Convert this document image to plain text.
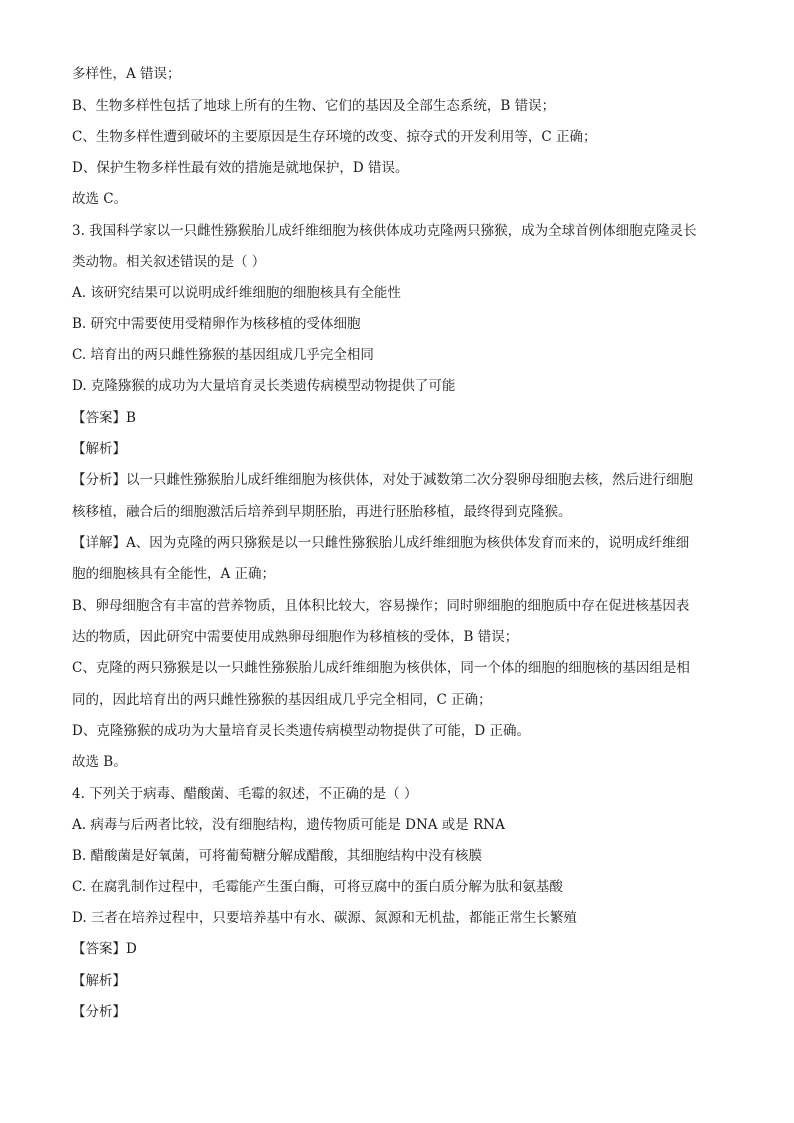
多样性，A 错误；
B、生物多样性包括了地球上所有的生物、它们的基因及全部生态系统，B 错误；
C、生物多样性遭到破坏的主要原因是生存环境的改变、掠夺式的开发利用等，C 正确；
D、保护生物多样性最有效的措施是就地保护，D 错误。
故选 C。
3. 我国科学家以一只雌性猕猴胎儿成纤维细胞为核供体成功克隆两只猕猴，成为全球首例体细胞克隆灵长
类动物。相关叙述错误的是（ ）
A. 该研究结果可以说明成纤维细胞的细胞核具有全能性
B. 研究中需要使用受精卵作为核移植的受体细胞
C. 培育出的两只雌性猕猴的基因组成几乎完全相同
D. 克隆猕猴的成功为大量培育灵长类遗传病模型动物提供了可能
【答案】B
【解析】
【分析】以一只雌性猕猴胎儿成纤维细胞为核供体，对处于减数第二次分裂卵母细胞去核，然后进行细胞
核移植，融合后的细胞激活后培养到早期胚胎，再进行胚胎移植，最终得到克隆猴。
【详解】A、因为克隆的两只猕猴是以一只雌性猕猴胎儿成纤维细胞为核供体发育而来的，说明成纤维细
胞的细胞核具有全能性，A 正确；
B、卵母细胞含有丰富的营养物质，且体积比较大，容易操作；同时卵细胞的细胞质中存在促进核基因表
达的物质，因此研究中需要使用成熟卵母细胞作为移植核的受体，B 错误；
C、克隆的两只猕猴是以一只雌性猕猴胎儿成纤维细胞为核供体，同一个体的细胞的细胞核的基因组是相
同的，因此培育出的两只雌性猕猴的基因组成几乎完全相同，C 正确；
D、克隆猕猴的成功为大量培育灵长类遗传病模型动物提供了可能，D 正确。
故选 B。
4. 下列关于病毒、醋酸菌、毛霉的叙述，不正确的是（ ）
A. 病毒与后两者比较，没有细胞结构，遗传物质可能是 DNA 或是 RNA
B. 醋酸菌是好氧菌，可将葡萄糖分解成醋酸，其细胞结构中没有核膜
C. 在腐乳制作过程中，毛霉能产生蛋白酶，可将豆腐中的蛋白质分解为肽和氨基酸
D. 三者在培养过程中，只要培养基中有水、碳源、氮源和无机盐，都能正常生长繁殖
【答案】D
【解析】
【分析】
